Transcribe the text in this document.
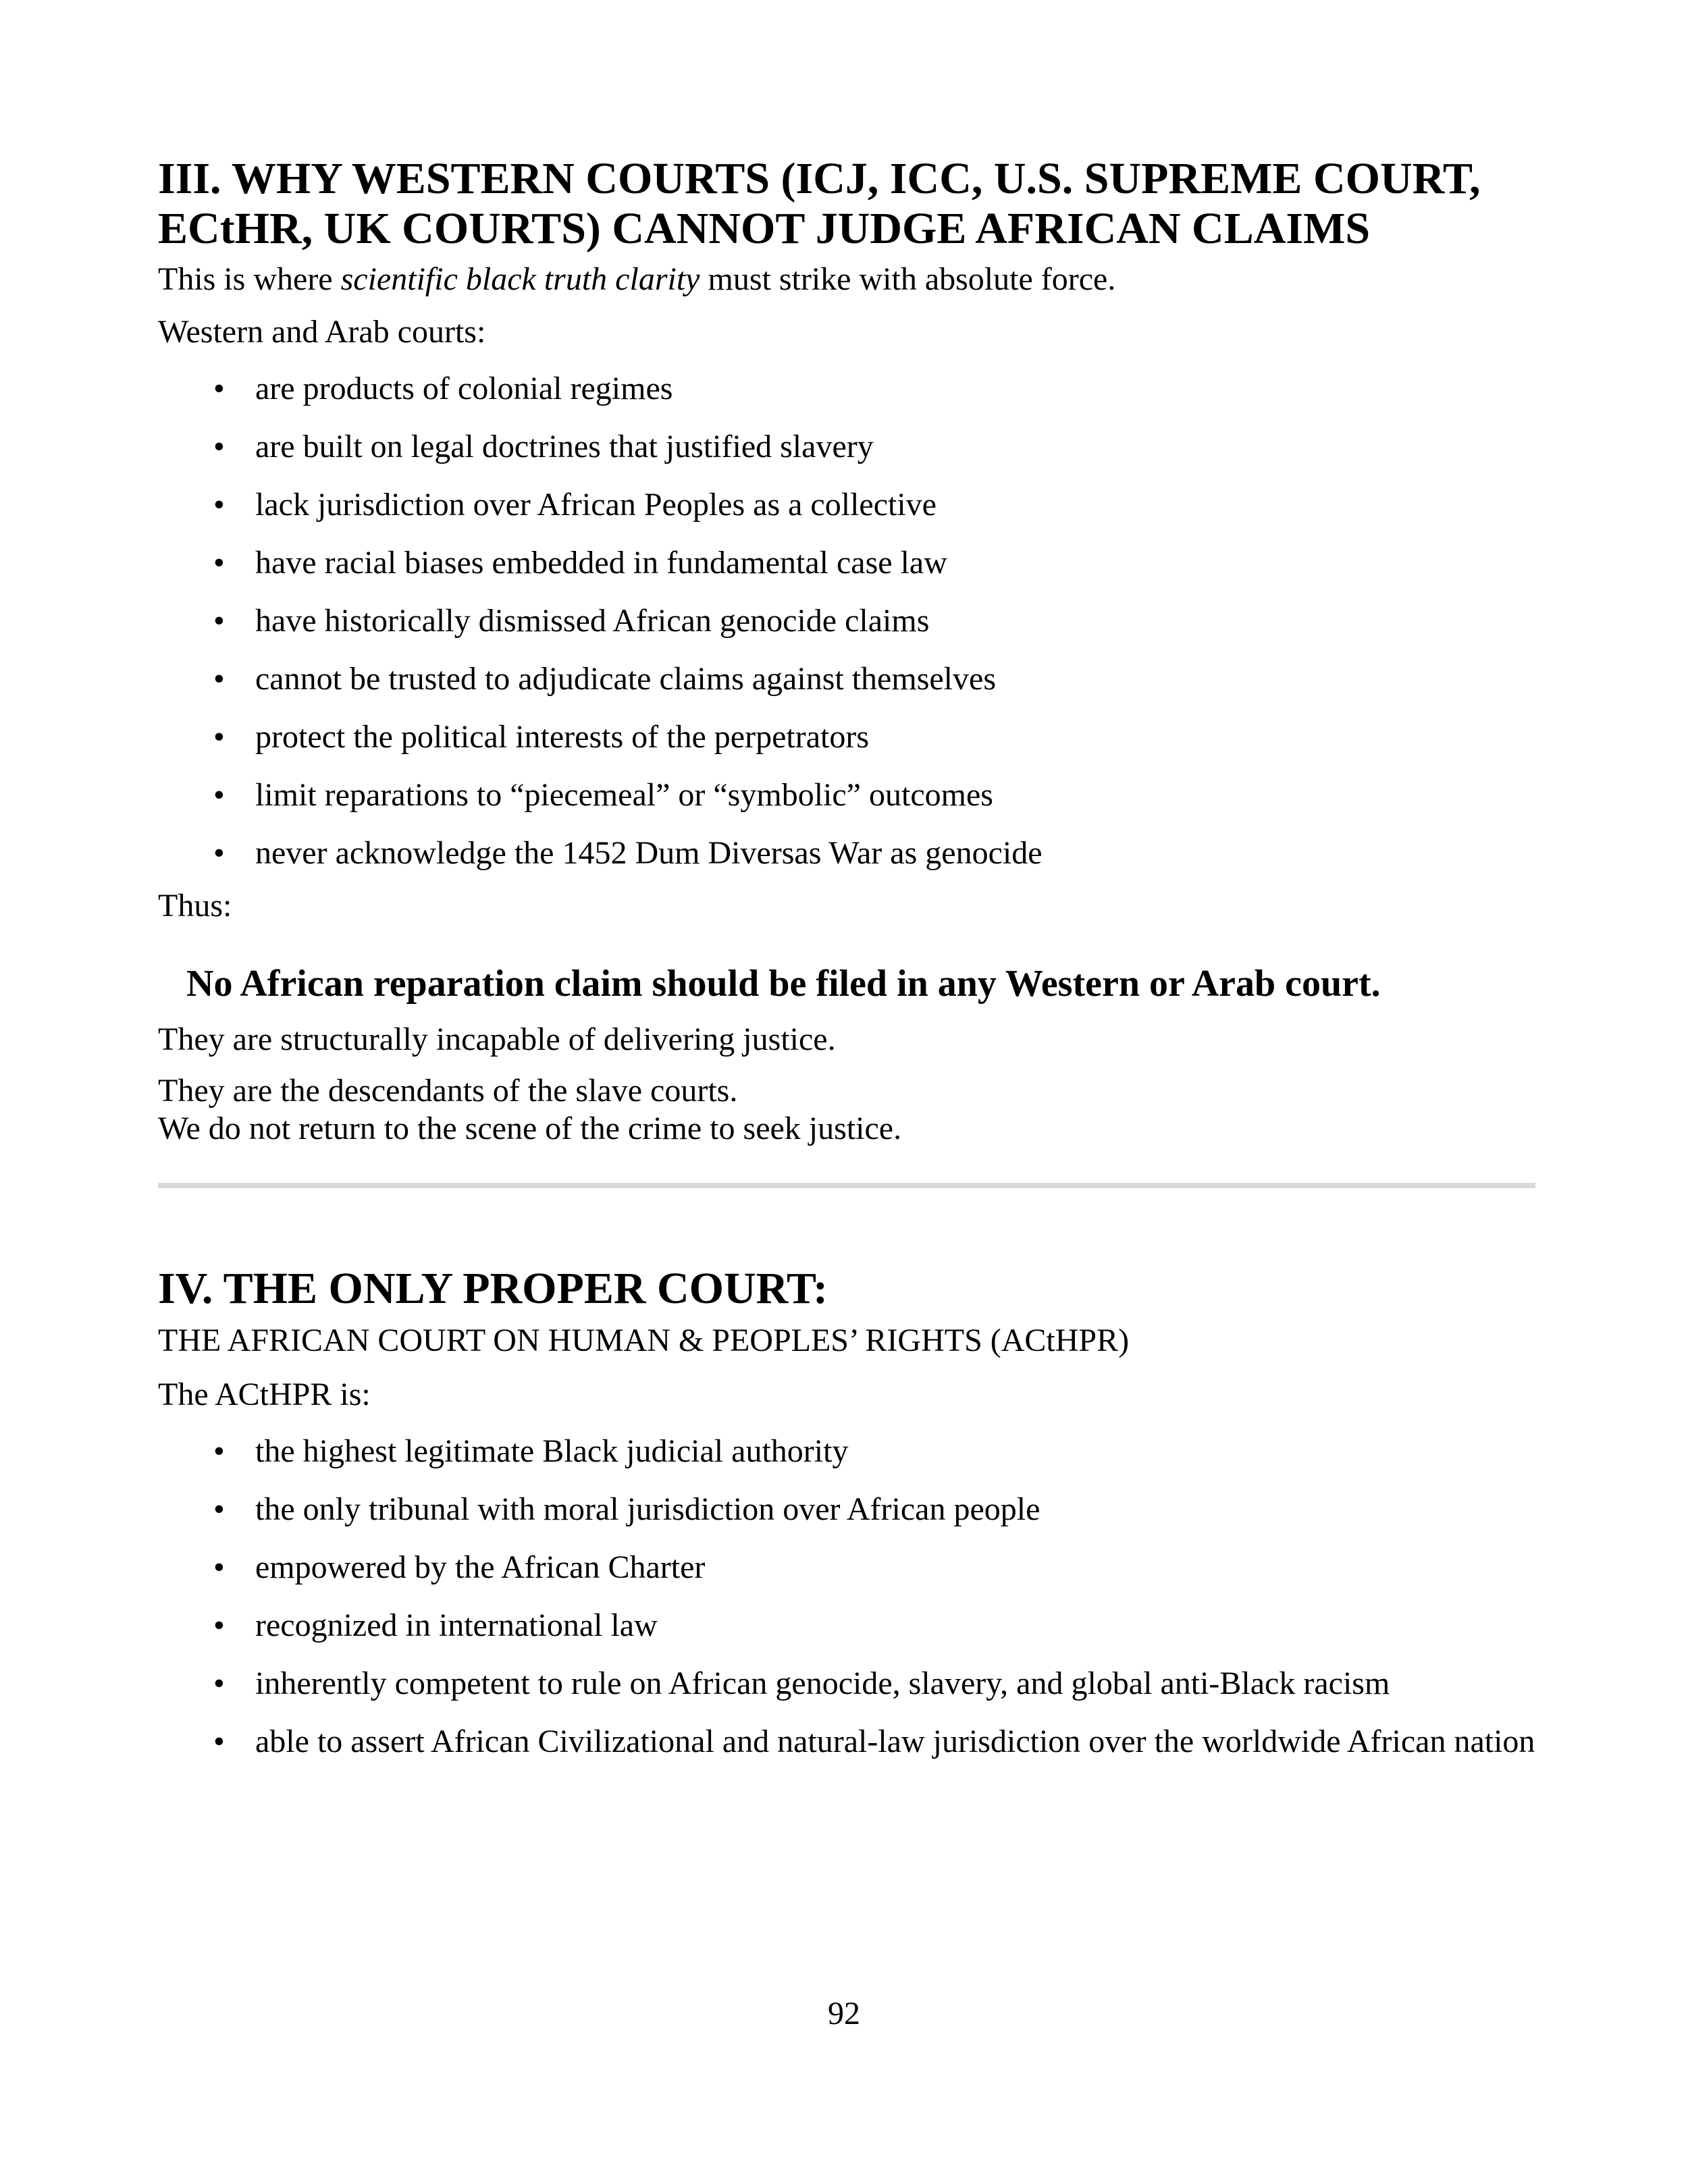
III. WHY WESTERN COURTS (ICJ, ICC, U.S. SUPREME COURT,
ECtHR, UK COURTS) CANNOT JUDGE AFRICAN CLAIMS

This is where scientific black truth clarity must strike with absolute force.

Western and Arab courts:

• are products of colonial regimes
• are built on legal doctrines that justified slavery
• lack jurisdiction over African Peoples as a collective
• have racial biases embedded in fundamental case law
• have historically dismissed African genocide claims
• cannot be trusted to adjudicate claims against themselves
• protect the political interests of the perpetrators
• limit reparations to “piecemeal” or “symbolic” outcomes
• never acknowledge the 1452 Dum Diversas War as genocide

Thus:

No African reparation claim should be filed in any Western or Arab court.

They are structurally incapable of delivering justice.

They are the descendants of the slave courts.
We do not return to the scene of the crime to seek justice.

IV. THE ONLY PROPER COURT:

THE AFRICAN COURT ON HUMAN & PEOPLES’ RIGHTS (ACtHPR)

The ACtHPR is:

• the highest legitimate Black judicial authority
• the only tribunal with moral jurisdiction over African people
• empowered by the African Charter
• recognized in international law
• inherently competent to rule on African genocide, slavery, and global anti-Black racism
• able to assert African Civilizational and natural-law jurisdiction over the worldwide African nation
92
